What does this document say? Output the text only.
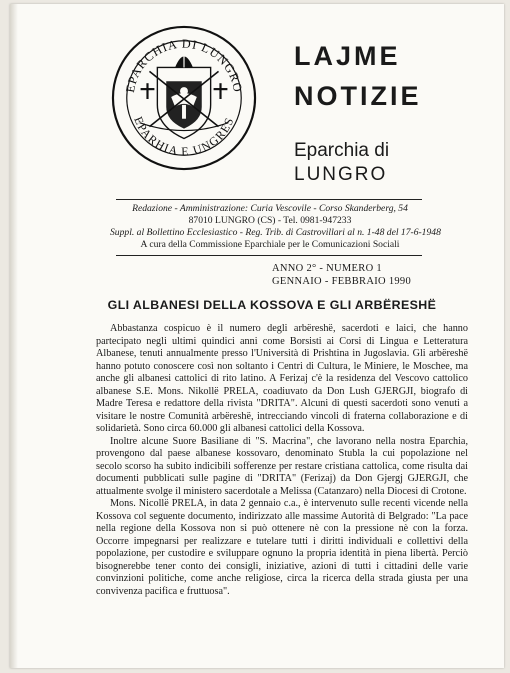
EPARCHIA DI LUNGRO
EPARHIA E UNGRES
LAJME
NOTIZIE
Eparchia di
LUNGRO
Redazione - Amministrazione: Curia Vescovile - Corso Skanderberg, 54
87010 LUNGRO (CS) - Tel. 0981-947233
Suppl. al Bollettino Ecclesiastico - Reg. Trib. di Castrovillari al n. 1-48 del 17-6-1948
A cura della Commissione Eparchiale per le Comunicazioni Sociali
ANNO 2° - NUMERO 1
GENNAIO - FEBBRAIO 1990
GLI ALBANESI DELLA KOSSOVA E GLI ARBËRESHË

Abbastanza cospicuo è il numero degli arbëreshë, sacerdoti e laici, che hanno partecipato negli ultimi quindici anni come Borsisti ai Corsi di Lingua e Letteratura Albanese, tenuti annualmente presso l'Università di Prishtina in Jugoslavia. Gli arbëreshë hanno potuto conoscere così non soltanto i Centri di Cultura, le Miniere, le Moschee, ma anche gli albanesi cattolici di rito latino. A Ferizaj c'è la residenza del Vescovo cattolico albanese S.E. Mons. Nikollë PRELA, coadiuvato da Don Lush GJERGJI, biografo di Madre Teresa e redattore della rivista "DRITA". Alcuni di questi sacerdoti sono venuti a visitare le nostre Comunità arbëreshë, intrecciando vincoli di fraterna collaborazione e di solidarietà. Sono circa 60.000 gli albanesi cattolici della Kossova.

Inoltre alcune Suore Basiliane di "S. Macrina", che lavorano nella nostra Eparchia, provengono dal paese albanese kossovaro, denominato Stubla la cui popolazione nel secolo scorso ha subito indicibili sofferenze per restare cristiana cattolica, come risulta dai documenti pubblicati sulle pagine di "DRITA" (Ferizaj) da Don Gjergj GJERGJI, che attualmente svolge il ministero sacerdotale a Melissa (Catanzaro) nella Diocesi di Crotone.

Mons. Nicollë PRELA, in data 2 gennaio c.a., è intervenuto sulle recenti vicende nella Kossova col seguente documento, indirizzato alle massime Autorità di Belgrado: "La pace nella regione della Kossova non si può ottenere nè con la pressione nè con la forza. Occorre impegnarsi per realizzare e tutelare tutti i diritti individuali e collettivi della popolazione, per custodire e sviluppare ognuno la propria identità in piena libertà. Perciò bisognerebbe tener conto dei consigli, iniziative, azioni di tutti i cittadini delle varie convinzioni politiche, come anche religiose, circa la ricerca della strada giusta per una convivenza pacifica e fruttuosa".
